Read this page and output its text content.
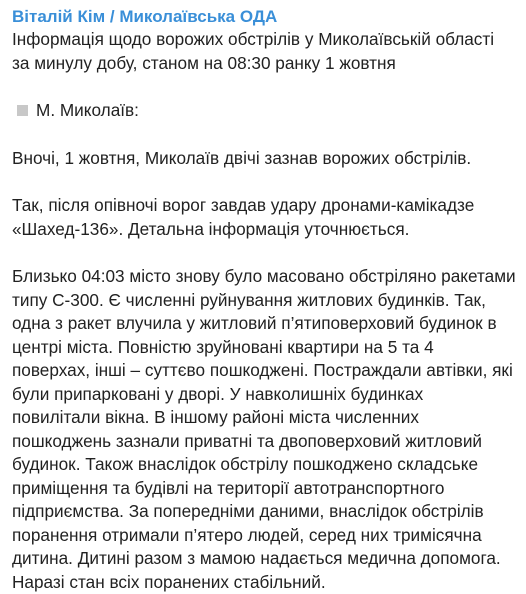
Віталій Кім / Миколаївська ОДА

Інформація щодо ворожих обстрілів у Миколаївській області за минулу добу, станом на 08:30 ранку 1 жовтня

М. Миколаїв:

Вночі, 1 жовтня, Миколаїв двічі зазнав ворожих обстрілів.

Так, після опівночі ворог завдав удару дронами-камікадзе «Шахед-136». Детальна інформація уточнюється.

Близько 04:03 місто знову було масовано обстріляно ракетами типу С-300. Є численні руйнування житлових будинків. Так, одна з ракет влучила у житловий п’ятиповерховий будинок в центрі міста. Повністю зруйновані квартири на 5 та 4 поверхах, інші – суттєво пошкоджені. Постраждали автівки, які були припарковані у дворі. У навколишніх будинках повилітали вікна. В іншому районі міста численних пошкоджень зазнали приватні та двоповерховий житловий будинок. Також внаслідок обстрілу пошкоджено складське приміщення та будівлі на території автотранспортного підприємства. За попередніми даними, внаслідок обстрілів поранення отримали п’ятеро людей, серед них тримісячна дитина. Дитині разом з мамою надається медична допомога. Наразі стан всіх поранених стабільний.
